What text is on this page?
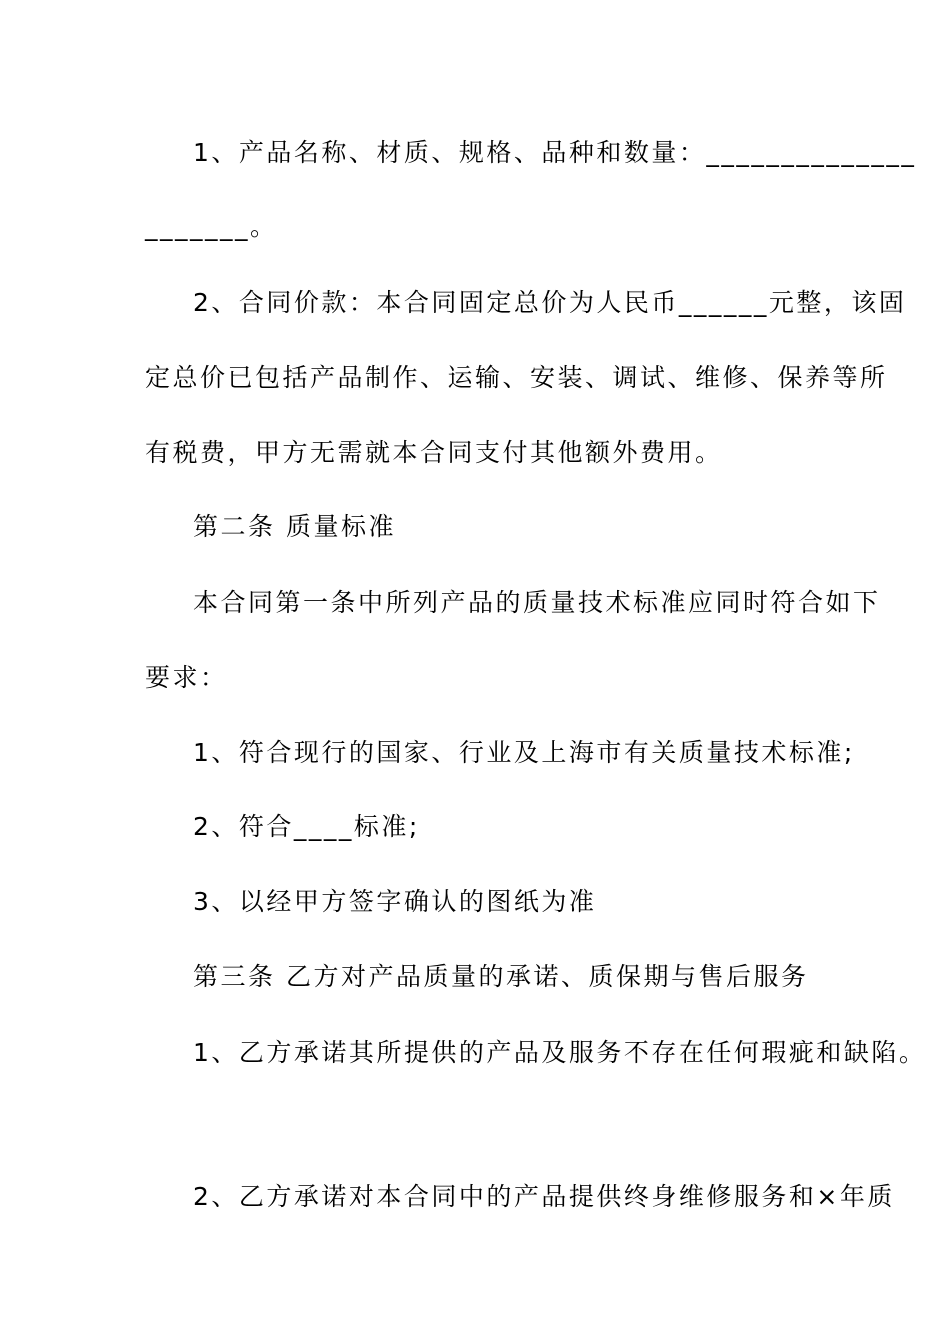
1、产品名称、材质、规格、品种和数量：______________
_______。
2、合同价款：本合同固定总价为人民币______元整，该固
定总价已包括产品制作、运输、安装、调试、维修、保养等所
有税费，甲方无需就本合同支付其他额外费用。
第二条 质量标准
本合同第一条中所列产品的质量技术标准应同时符合如下
要求：
1、符合现行的国家、行业及上海市有关质量技术标准;
2、符合____标准;
3、以经甲方签字确认的图纸为准
第三条 乙方对产品质量的承诺、质保期与售后服务
1、乙方承诺其所提供的产品及服务不存在任何瑕疵和缺陷。
2、乙方承诺对本合同中的产品提供终身维修服务和×年质
